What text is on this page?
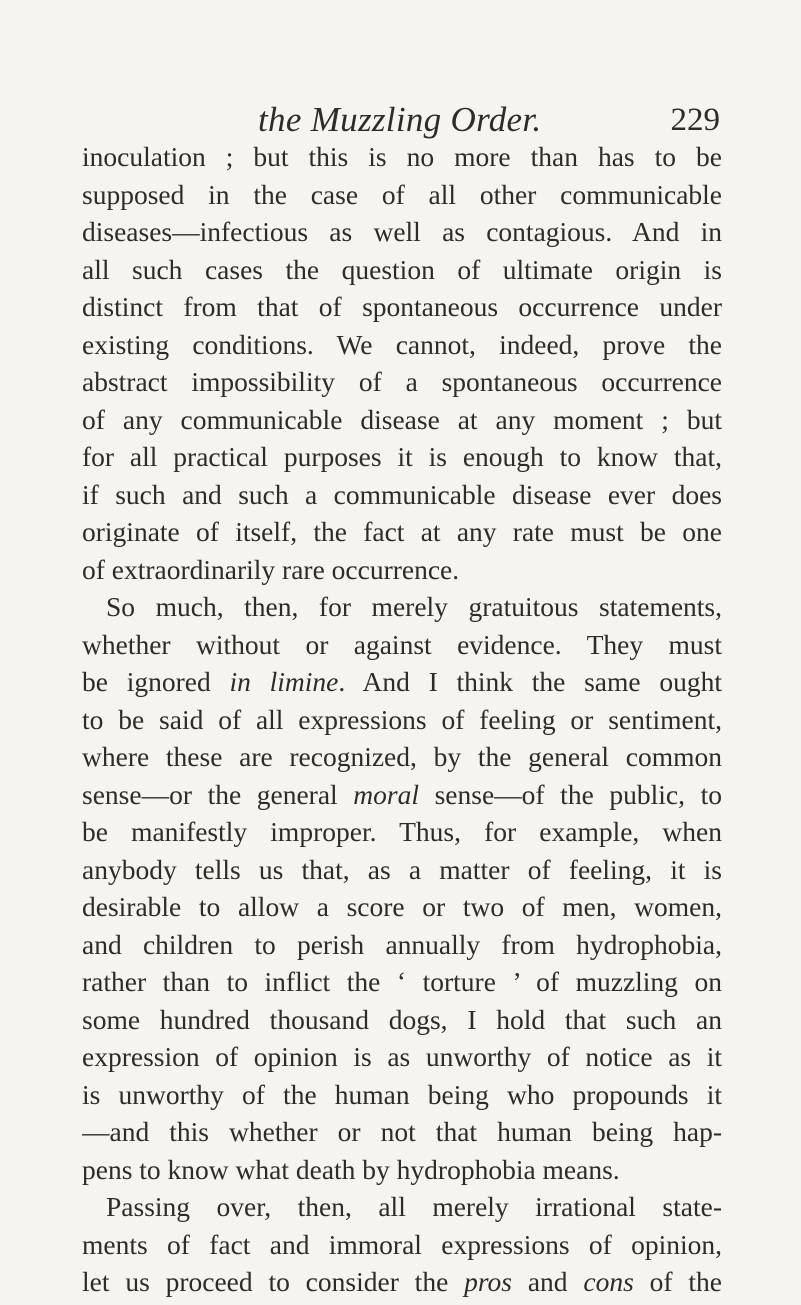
the Muzzling Order.	229
inoculation ; but this is no more than has to be
supposed in the case of all other communicable
diseases—infectious as well as contagious. And in
all such cases the question of ultimate origin is
distinct from that of spontaneous occurrence under
existing conditions. We cannot, indeed, prove the
abstract impossibility of a spontaneous occurrence
of any communicable disease at any moment ; but
for all practical purposes it is enough to know that,
if such and such a communicable disease ever does
originate of itself, the fact at any rate must be one
of extraordinarily rare occurrence.
So much, then, for merely gratuitous statements,
whether without or against evidence. They must
be ignored in limine. And I think the same ought
to be said of all expressions of feeling or sentiment,
where these are recognized, by the general common
sense—or the general moral sense—of the public, to
be manifestly improper. Thus, for example, when
anybody tells us that, as a matter of feeling, it is
desirable to allow a score or two of men, women,
and children to perish annually from hydrophobia,
rather than to inflict the ‘ torture ’ of muzzling on
some hundred thousand dogs, I hold that such an
expression of opinion is as unworthy of notice as it
is unworthy of the human being who propounds it
—and this whether or not that human being hap-
pens to know what death by hydrophobia means.
Passing over, then, all merely irrational state-
ments of fact and immoral expressions of opinion,
let us proceed to consider the pros and cons of the
